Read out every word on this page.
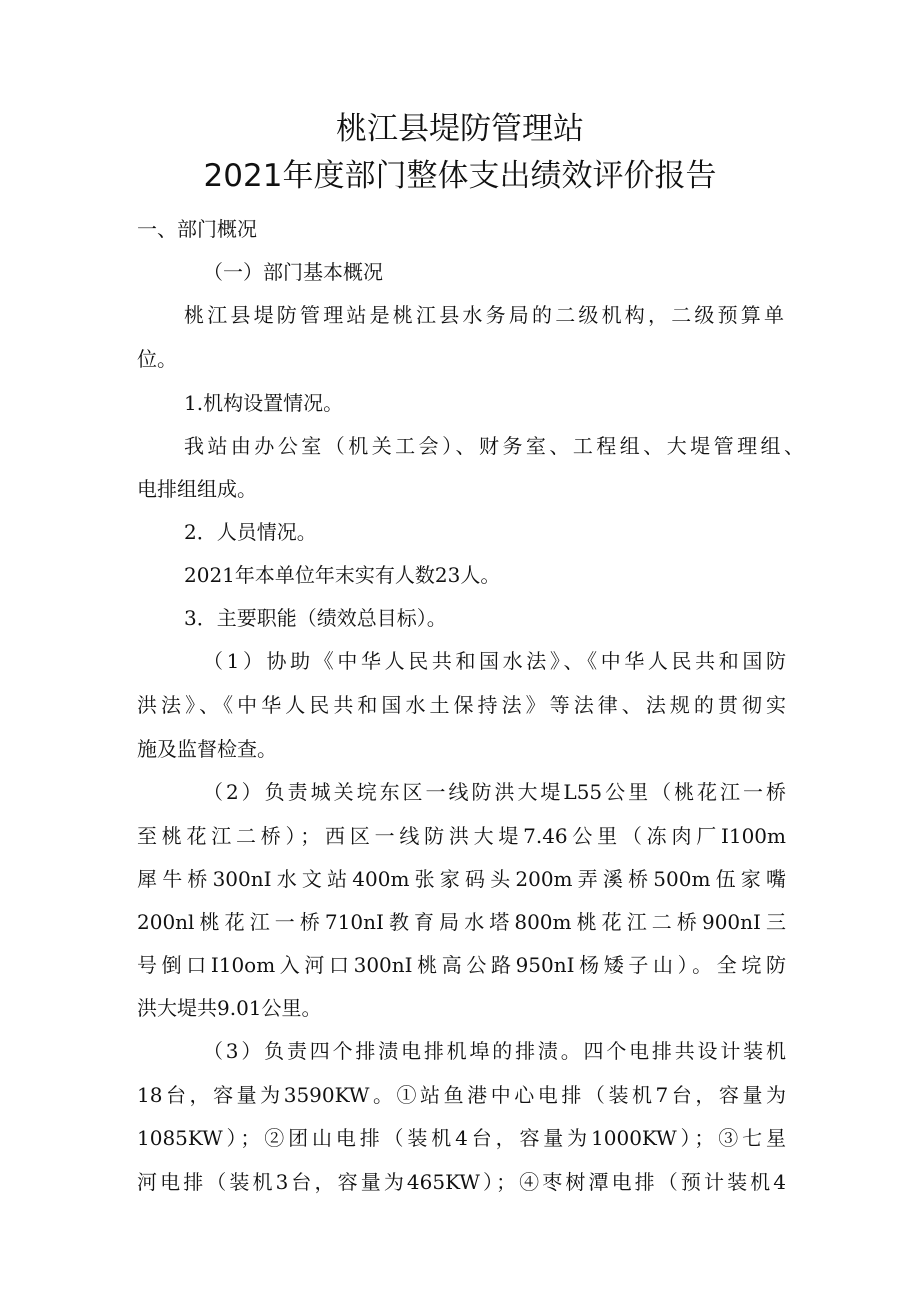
桃江县堤防管理站
2021年度部门整体支出绩效评价报告
一、部门概况
（一）部门基本概况
桃江县堤防管理站是桃江县水务局的二级机构，二级预算单
位。
1.机构设置情况。
我站由办公室（机关工会）、财务室、工程组、大堤管理组、
电排组组成。
2．人员情况。
2021年本单位年末实有人数23人。
3．主要职能（绩效总目标）。
（1）协助《中华人民共和国水法》、《中华人民共和国防
洪法》、《中华人民共和国水土保持法》等法律、法规的贯彻实
施及监督检查。
（2）负责城关垸东区一线防洪大堤L55公里（桃花江一桥
至桃花江二桥）；西区一线防洪大堤7.46公里（冻肉厂I100m
犀牛桥300nI水文站400m张家码头200m弄溪桥500m伍家嘴
200nl桃花江一桥710nI教育局水塔800m桃花江二桥900nI三
号倒口I10om入河口300nI桃高公路950nI杨矮子山）。全垸防
洪大堤共9.01公里。
（3）负责四个排渍电排机埠的排渍。四个电排共设计装机
18台，容量为3590KW。①站鱼港中心电排（装机7台，容量为
1085KW）；②团山电排（装机4台，容量为1000KW）；③七星
河电排（装机3台，容量为465KW）；④枣树潭电排（预计装机4
